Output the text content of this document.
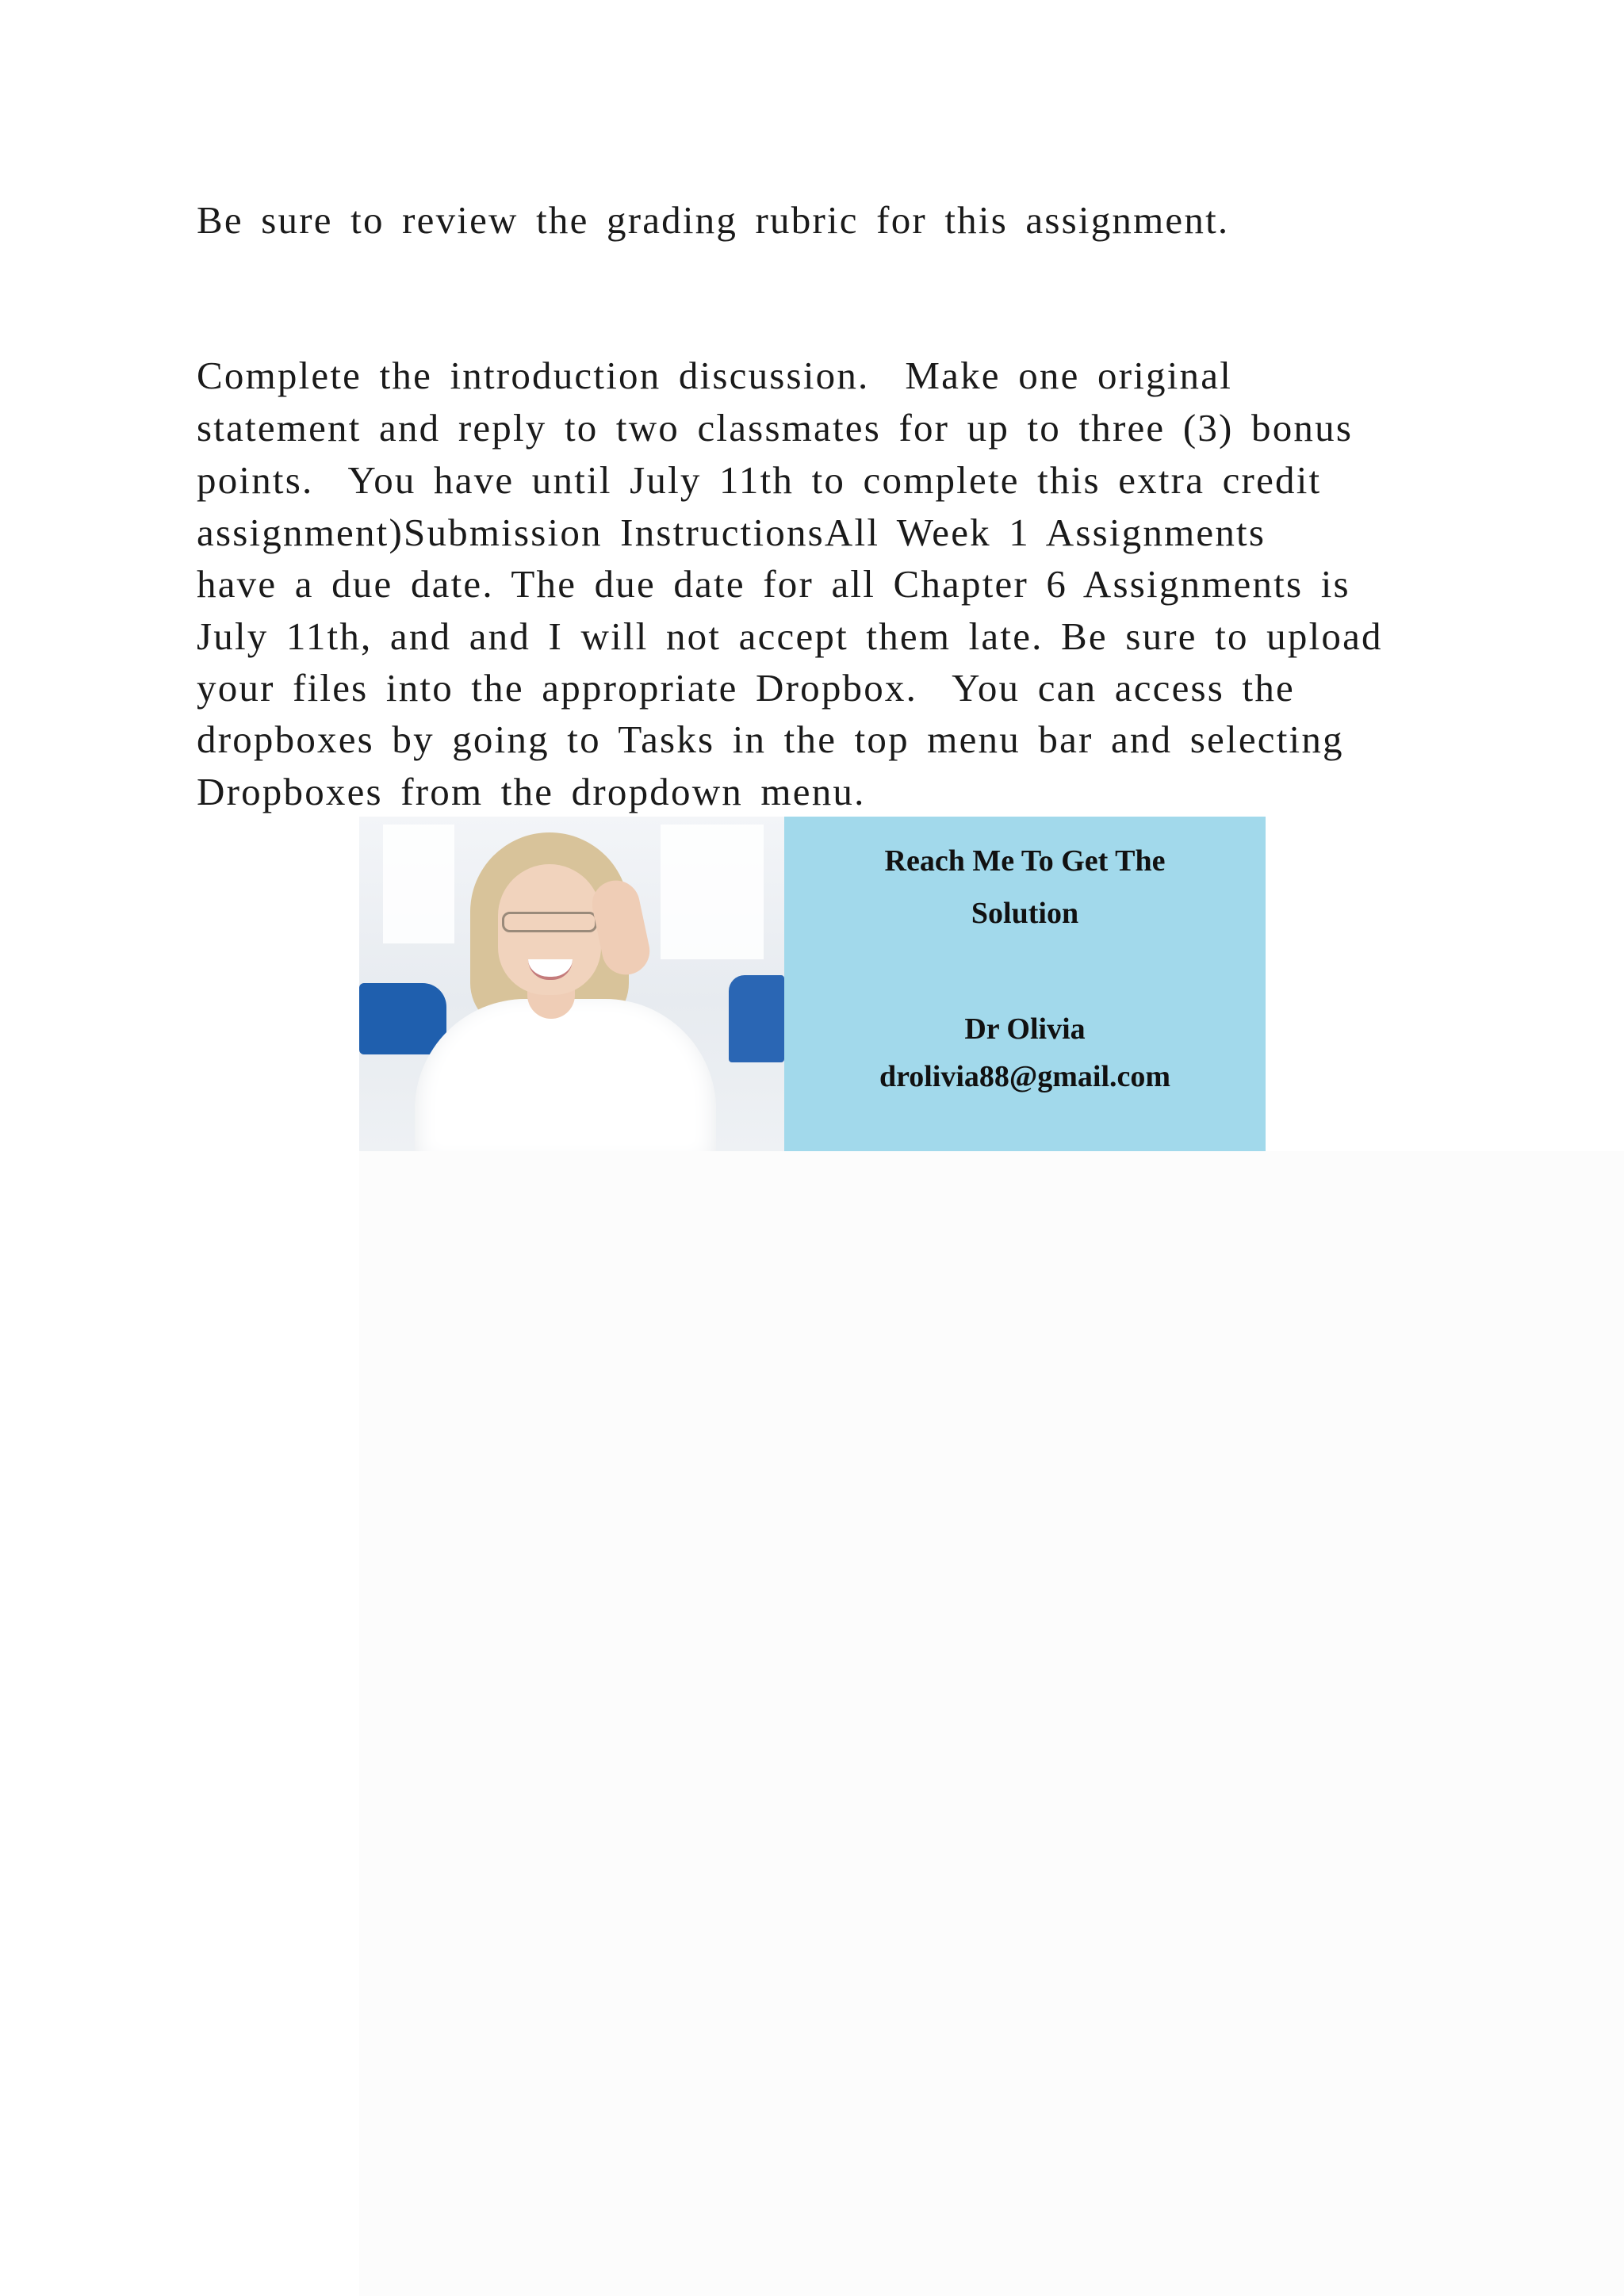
Be sure to review the grading rubric for this assignment.
Complete the introduction discussion.  Make one original
statement and reply to two classmates for up to three (3) bonus
points.  You have until July 11th to complete this extra credit
assignment)Submission InstructionsAll Week 1 Assignments
have a due date. The due date for all Chapter 6 Assignments is
July 11th, and and I will not accept them late. Be sure to upload
your files into the appropriate Dropbox.  You can access the
dropboxes by going to Tasks in the top menu bar and selecting
Dropboxes from the dropdown menu.
Reach Me To Get The
Solution
Dr Olivia
drolivia88@gmail.com
